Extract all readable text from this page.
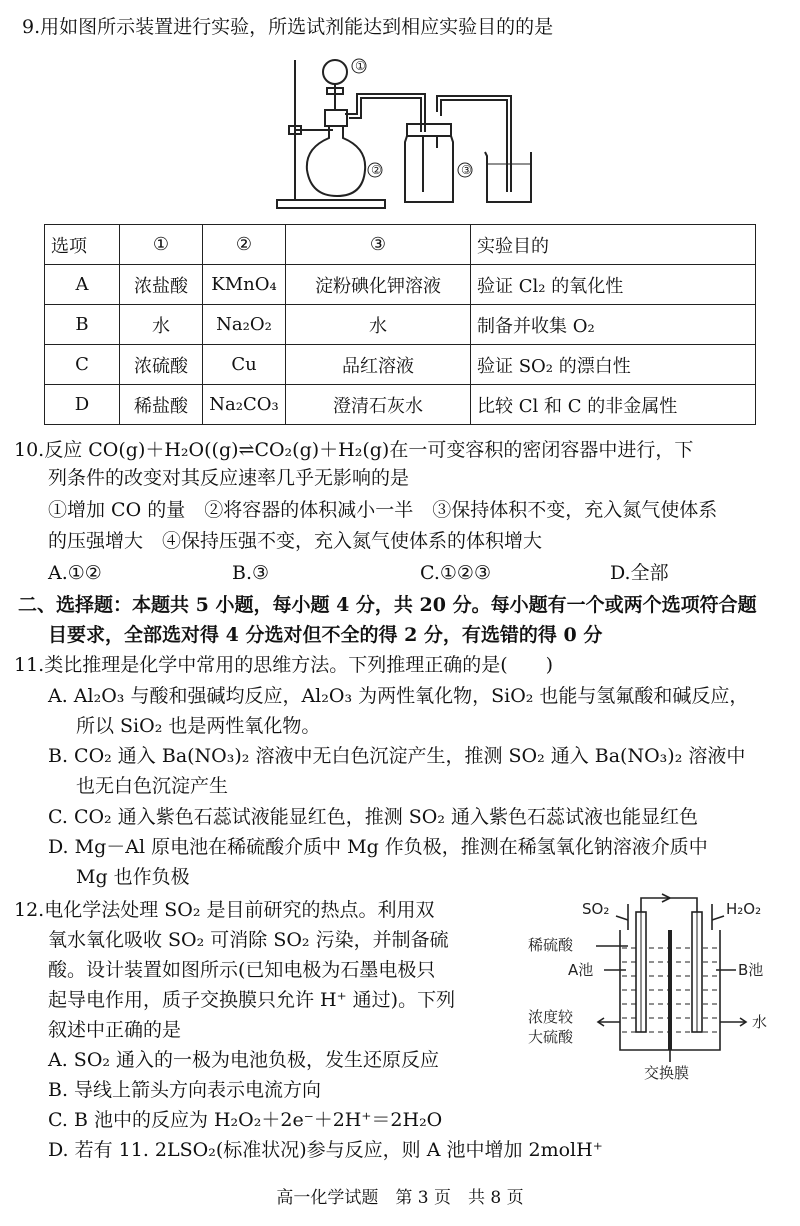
9.用如图所示装置进行实验，所选试剂能达到相应实验目的的是
①
②	③
选项	①	②	③	实验目的
A	浓盐酸	KMnO₄	淀粉碘化钾溶液	验证 Cl₂ 的氧化性
B	水	Na₂O₂	水	制备并收集 O₂
C	浓硫酸	Cu	品红溶液	验证 SO₂ 的漂白性
D	稀盐酸	Na₂CO₃	澄清石灰水	比较 Cl 和 C 的非金属性
10.反应 CO(g)＋H₂O((g)⇌CO₂(g)＋H₂(g)在一可变容积的密闭容器中进行，下
列条件的改变对其反应速率几乎无影响的是
①增加 CO 的量　②将容器的体积减小一半　③保持体积不变，充入氮气使体系
的压强增大　④保持压强不变，充入氮气使体系的体积增大
A.①②	B.③	C.①②③	D.全部
二、选择题：本题共 5 小题，每小题 4 分，共 20 分。每小题有一个或两个选项符合题
目要求，全部选对得 4 分选对但不全的得 2 分，有选错的得 0 分
11.类比推理是化学中常用的思维方法。下列推理正确的是(　　)
A. Al₂O₃ 与酸和强碱均反应，Al₂O₃ 为两性氧化物，SiO₂ 也能与氢氟酸和碱反应，
所以 SiO₂ 也是两性氧化物。
B. CO₂ 通入 Ba(NO₃)₂ 溶液中无白色沉淀产生，推测 SO₂ 通入 Ba(NO₃)₂ 溶液中
也无白色沉淀产生
C. CO₂ 通入紫色石蕊试液能显红色，推测 SO₂ 通入紫色石蕊试液也能显红色
D. Mg－Al 原电池在稀硫酸介质中 Mg 作负极，推测在稀氢氧化钠溶液介质中
Mg 也作负极
12.电化学法处理 SO₂ 是目前研究的热点。利用双
氧水氧化吸收 SO₂ 可消除 SO₂ 污染，并制备硫
酸。设计装置如图所示(已知电极为石墨电极只
起导电作用，质子交换膜只允许 H⁺ 通过)。下列
叙述中正确的是
A. SO₂ 通入的一极为电池负极，发生还原反应
B. 导线上箭头方向表示电流方向
C. B 池中的反应为 H₂O₂＋2e⁻＋2H⁺＝2H₂O
D. 若有 11. 2LSO₂(标准状况)参与反应，则 A 池中增加 2molH⁺
SO₂	H₂O₂
稀硫酸
A池	B池
浓度较
大硫酸
水
交换膜
高一化学试题　第 3 页　共 8 页
